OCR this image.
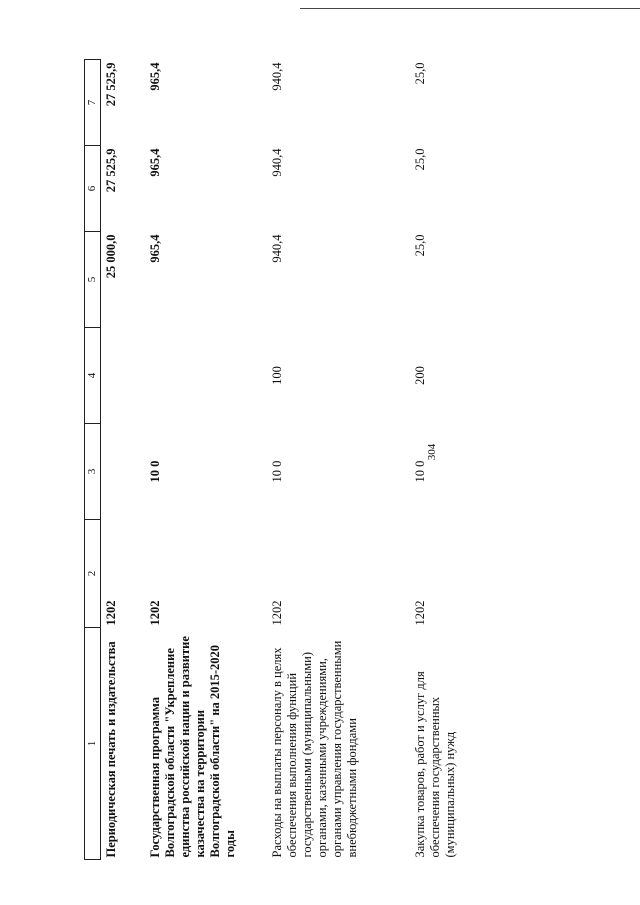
304
1	2	3	4	5	6	7
Периодическая печать и издательства	1202			25 000,0	27 525,9	27 525,9
Государственная программа Волгоградской области "Укрепление единства российской нации и развитие казачества на территории Волгоградской области" на 2015-2020 годы	1202	10 0		965,4	965,4	965,4
Расходы на выплаты персоналу в целях обеспечения выполнения функций государственными (муниципальными) органами, казенными учреждениями, органами управления государственными внебюджетными фондами	1202	10 0	100	940,4	940,4	940,4
Закупка товаров, работ и услуг для обеспечения государственных (муниципальных) нужд	1202	10 0	200	25,0	25,0	25,0
